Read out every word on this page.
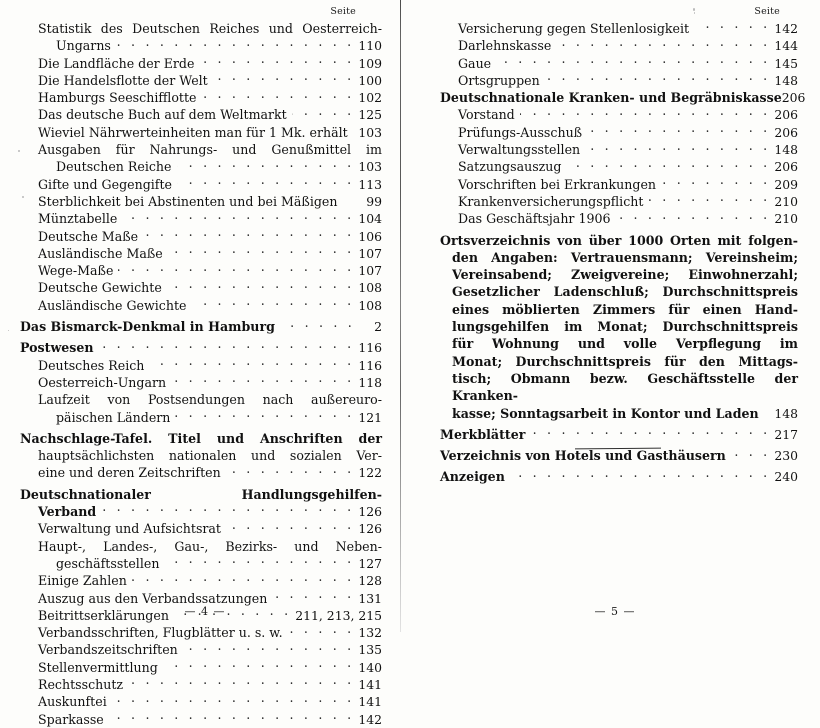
Seite
Statistik des Deutschen Reiches und Oesterreich-
Ungarns . . .	110
Die Landfläche der Erde . . .	109
Die Handelsflotte der Welt . . .	100
Hamburgs Seeschifflotte . . .	102
Das deutsche Buch auf dem Weltmarkt . . .	125
Wieviel Nährwerteinheiten man für 1 Mk. erhält 103
Ausgaben für Nahrungs- und Genußmittel im
Deutschen Reiche . . .	103
Gifte und Gegengifte . . .	113
Sterblichkeit bei Abstinenten und bei Mäßigen	99
Münztabelle . . .	104
Deutsche Maße . . .	106
Ausländische Maße . . .	107
Wege-Maße . . .	107
Deutsche Gewichte . . .	108
Ausländische Gewichte . . .	108
Das Bismarck-Denkmal in Hamburg . . .	2
Postwesen . . .	116
Deutsches Reich . . .	116
Oesterreich-Ungarn . . .	118
Laufzeit von Postsendungen nach außereuro-
päischen Ländern . . .	121
Nachschlage-Tafel. Titel und Anschriften der
hauptsächlichsten nationalen und sozialen Ver-
eine und deren Zeitschriften . . .	122
Deutschnationaler Handlungsgehilfen-
Verband . . .	126
Verwaltung und Aufsichtsrat . . .	126
Haupt-, Landes-, Gau-, Bezirks- und Neben-
geschäftsstellen . . .	127
Einige Zahlen . . .	128
Auszug aus den Verbandssatzungen . . .	131
Beitrittserklärungen . . .	211, 213, 215
Verbandsschriften, Flugblätter u. s. w. . . .	132
Verbandszeitschriften . . .	135
Stellenvermittlung . . .	140
Rechtsschutz . . .	141
Auskunftei . . .	141
Sparkasse . . .	142
— 4 —
Seite
Versicherung gegen Stellenlosigkeit . . .	142
Darlehnskasse . . .	144
Gaue . . .	145
Ortsgruppen . . .	148
Deutschnationale Kranken- und Begräbniskasse 206
Vorstand . . .	206
Prüfungs-Ausschuß . . .	206
Verwaltungsstellen . . .	148
Satzungsauszug . . .	206
Vorschriften bei Erkrankungen . . .	209
Krankenversicherungspflicht . . .	210
Das Geschäftsjahr 1906 . . .	210
Ortsverzeichnis von über 1000 Orten mit folgen-
den Angaben: Vertrauensmann; Vereinsheim;
Vereinsabend; Zweigvereine; Einwohnerzahl;
Gesetzlicher Ladenschluß; Durchschnittspreis
eines möblierten Zimmers für einen Hand-
lungsgehilfen im Monat; Durchschnittspreis
für Wohnung und volle Verpflegung im
Monat; Durchschnittspreis für den Mittags-
tisch; Obmann bezw. Geschäftsstelle der Kranken-
kasse; Sonntagsarbeit in Kontor und Laden	148
Merkblätter . . .	217
Verzeichnis von Hotels und Gasthäusern . . .	230
Anzeigen . . .	240
— 5 —
